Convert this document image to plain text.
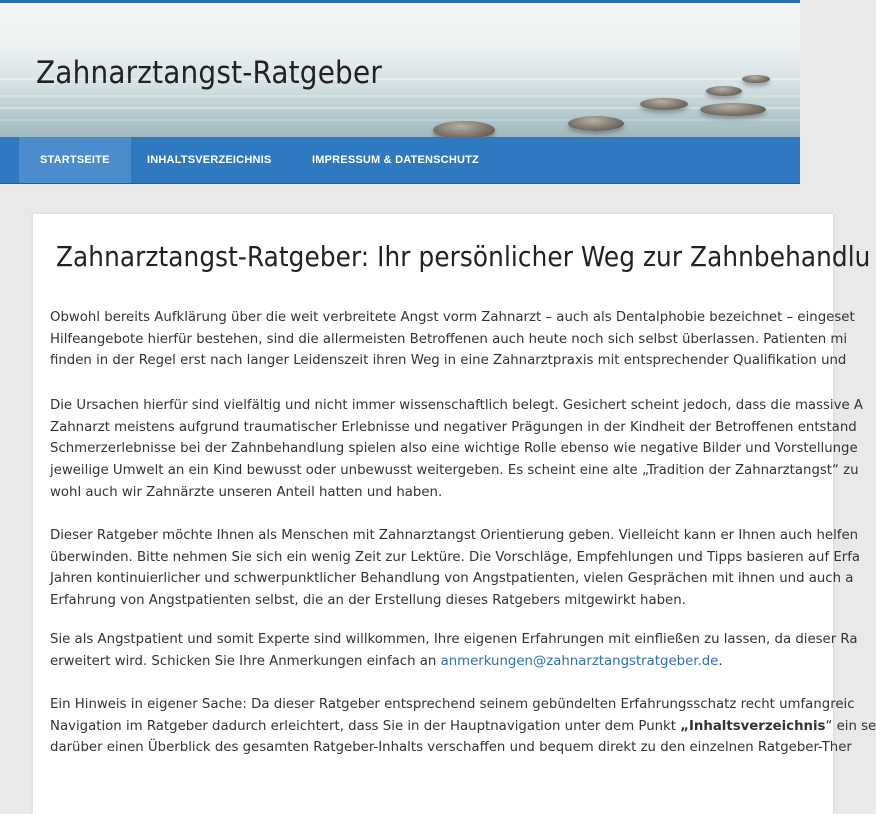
Zahnarztangst-Ratgeber
STARTSEITE	INHALTSVERZEICHNIS	IMPRESSUM & DATENSCHUTZ
Zahnarztangst-Ratgeber: Ihr persönlicher Weg zur Zahnbehandlu

Obwohl bereits Aufklärung über die weit verbreitete Angst vorm Zahnarzt – auch als Dentalphobie bezeichnet – eingeset
Hilfeangebote hierfür bestehen, sind die allermeisten Betroffenen auch heute noch sich selbst überlassen. Patienten mi
finden in der Regel erst nach langer Leidenszeit ihren Weg in eine Zahnarztpraxis mit entsprechender Qualifikation und

Die Ursachen hierfür sind vielfältig und nicht immer wissenschaftlich belegt. Gesichert scheint jedoch, dass die massive A
Zahnarzt meistens aufgrund traumatischer Erlebnisse und negativer Prägungen in der Kindheit der Betroffenen entstand
Schmerzerlebnisse bei der Zahnbehandlung spielen also eine wichtige Rolle ebenso wie negative Bilder und Vorstellunge
jeweilige Umwelt an ein Kind bewusst oder unbewusst weitergeben. Es scheint eine alte „Tradition der Zahnarztangst“ zu
wohl auch wir Zahnärzte unseren Anteil hatten und haben.

Dieser Ratgeber möchte Ihnen als Menschen mit Zahnarztangst Orientierung geben. Vielleicht kann er Ihnen auch helfen
überwinden. Bitte nehmen Sie sich ein wenig Zeit zur Lektüre. Die Vorschläge, Empfehlungen und Tipps basieren auf Erfa
Jahren kontinuierlicher und schwerpunktlicher Behandlung von Angstpatienten, vielen Gesprächen mit ihnen und auch a
Erfahrung von Angstpatienten selbst, die an der Erstellung dieses Ratgebers mitgewirkt haben.

Sie als Angstpatient und somit Experte sind willkommen, Ihre eigenen Erfahrungen mit einfließen zu lassen, da dieser Ra
erweitert wird. Schicken Sie Ihre Anmerkungen einfach an anmerkungen@zahnarztangstratgeber.de.

Ein Hinweis in eigener Sache: Da dieser Ratgeber entsprechend seinem gebündelten Erfahrungsschatz recht umfangreic
Navigation im Ratgeber dadurch erleichtert, dass Sie in der Hauptnavigation unter dem Punkt „Inhaltsverzeichnis“ ein se
darüber einen Überblick des gesamten Ratgeber-Inhalts verschaffen und bequem direkt zu den einzelnen Ratgeber-Ther
